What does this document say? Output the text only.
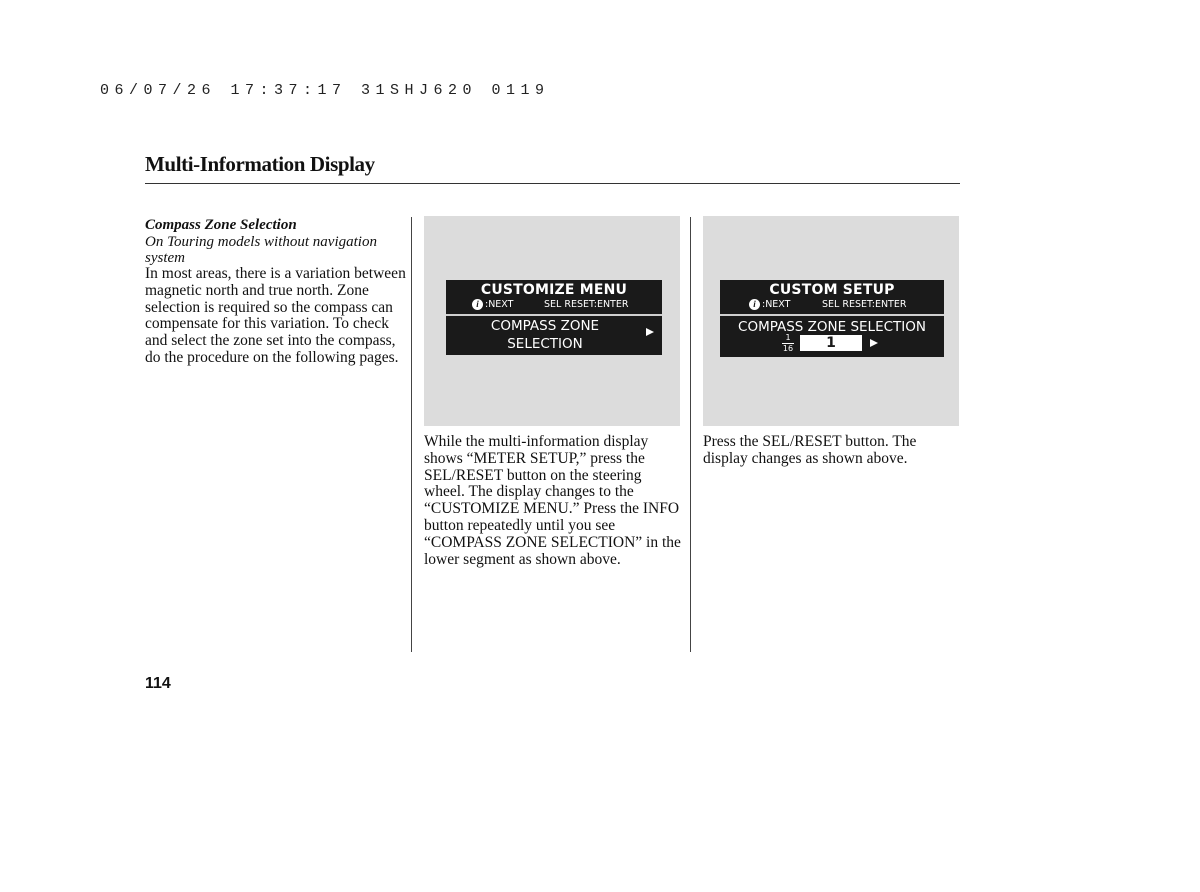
06/07/26 17:37:17 31SHJ620 0119
Multi-Information Display

Compass Zone Selection

On Touring models without navigation system

In most areas, there is a variation between magnetic north and true north. Zone selection is required so the compass can compensate for this variation. To check and select the zone set into the compass, do the procedure on the following pages.

CUSTOMIZE MENU
i :NEXT	SEL RESET:ENTER
COMPASS ZONE
SELECTION
CUSTOM SETUP
i :NEXT	SEL RESET:ENTER
COMPASS ZONE SELECTION
1
16	1

While the multi-information display shows “METER SETUP,” press the SEL/RESET button on the steering wheel. The display changes to the “CUSTOMIZE MENU.” Press the INFO button repeatedly until you see “COMPASS ZONE SELECTION” in the lower segment as shown above.

Press the SEL/RESET button. The display changes as shown above.

114
